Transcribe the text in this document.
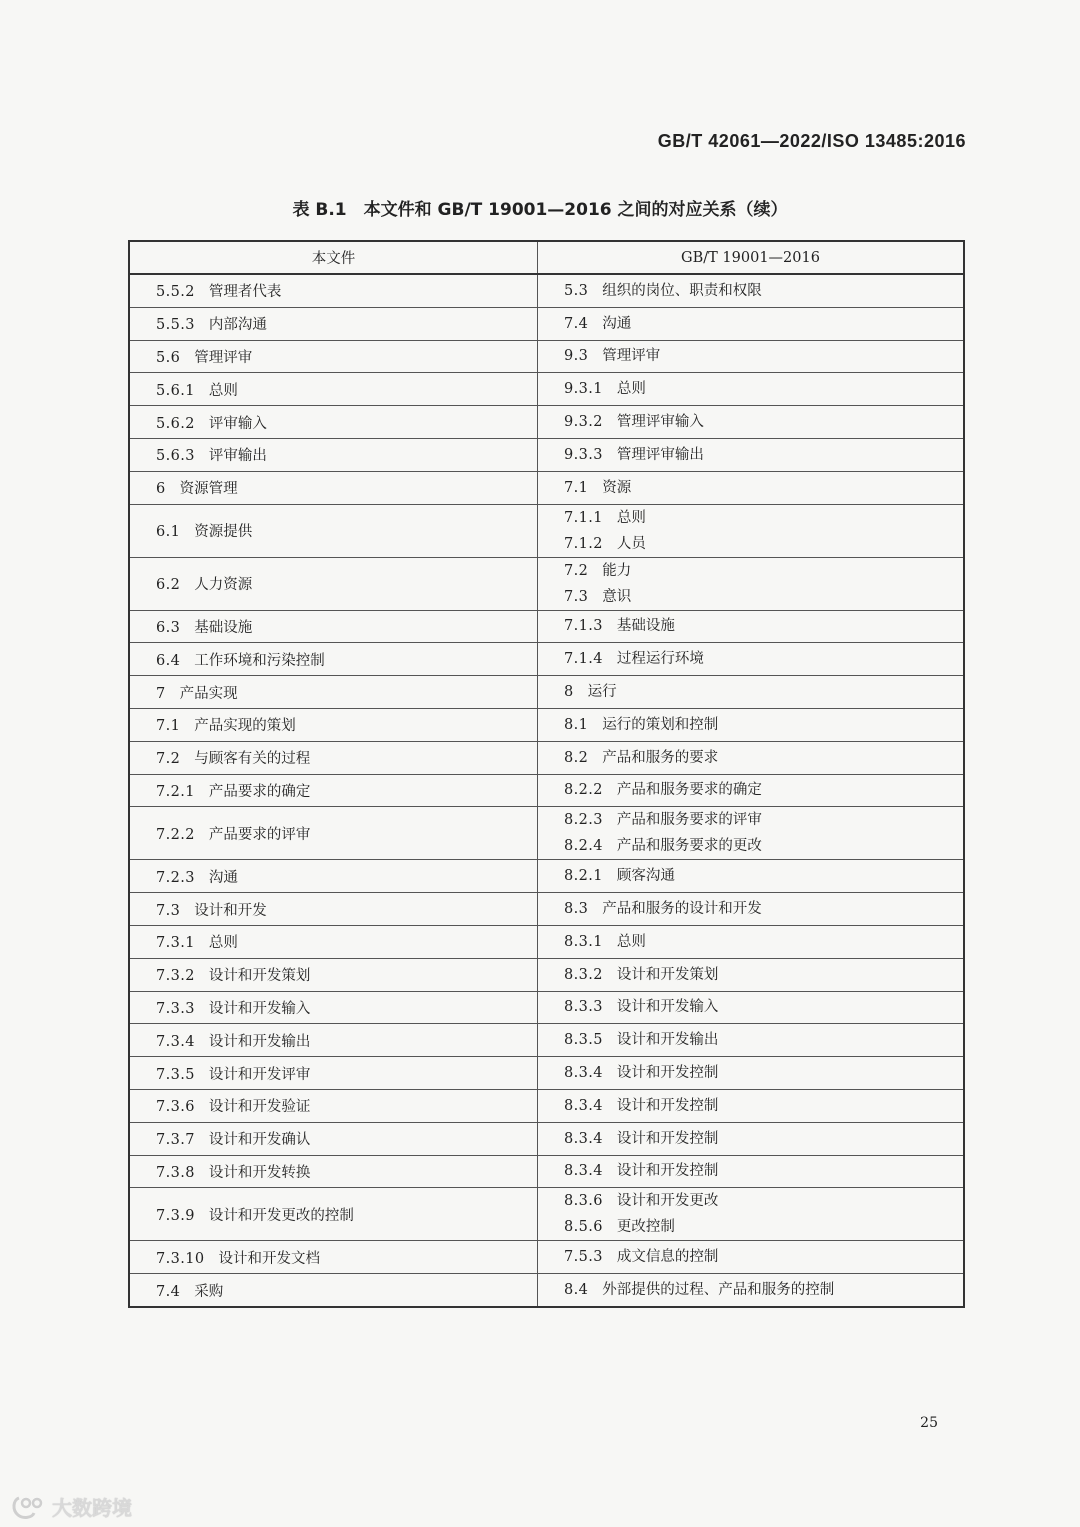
GB/T 42061—2022/ISO 13485:2016
表 B.1　本文件和 GB/T 19001—2016 之间的对应关系（续）
本文件	GB/T 19001—2016
5.5.2 管理者代表	5.3 组织的岗位、职责和权限

5.5.3 内部沟通	7.4 沟通

5.6 管理评审	9.3 管理评审

5.6.1 总则	9.3.1 总则

5.6.2 评审输入	9.3.2 管理评审输入

5.6.3 评审输出	9.3.3 管理评审输出

6 资源管理	7.1 资源

6.1 资源提供	7.1.1 总则
7.1.2 人员

6.2 人力资源	7.2 能力
7.3 意识

6.3 基础设施	7.1.3 基础设施

6.4 工作环境和污染控制	7.1.4 过程运行环境

7 产品实现	8 运行

7.1 产品实现的策划	8.1 运行的策划和控制

7.2 与顾客有关的过程	8.2 产品和服务的要求

7.2.1 产品要求的确定	8.2.2 产品和服务要求的确定

7.2.2 产品要求的评审	8.2.3 产品和服务要求的评审
8.2.4 产品和服务要求的更改

7.2.3 沟通	8.2.1 顾客沟通

7.3 设计和开发	8.3 产品和服务的设计和开发

7.3.1 总则	8.3.1 总则

7.3.2 设计和开发策划	8.3.2 设计和开发策划

7.3.3 设计和开发输入	8.3.3 设计和开发输入

7.3.4 设计和开发输出	8.3.5 设计和开发输出

7.3.5 设计和开发评审	8.3.4 设计和开发控制

7.3.6 设计和开发验证	8.3.4 设计和开发控制

7.3.7 设计和开发确认	8.3.4 设计和开发控制

7.3.8 设计和开发转换	8.3.4 设计和开发控制

7.3.9 设计和开发更改的控制	8.3.6 设计和开发更改
8.5.6 更改控制

7.3.10 设计和开发文档	7.5.3 成文信息的控制

7.4 采购	8.4 外部提供的过程、产品和服务的控制
25
大数跨境
